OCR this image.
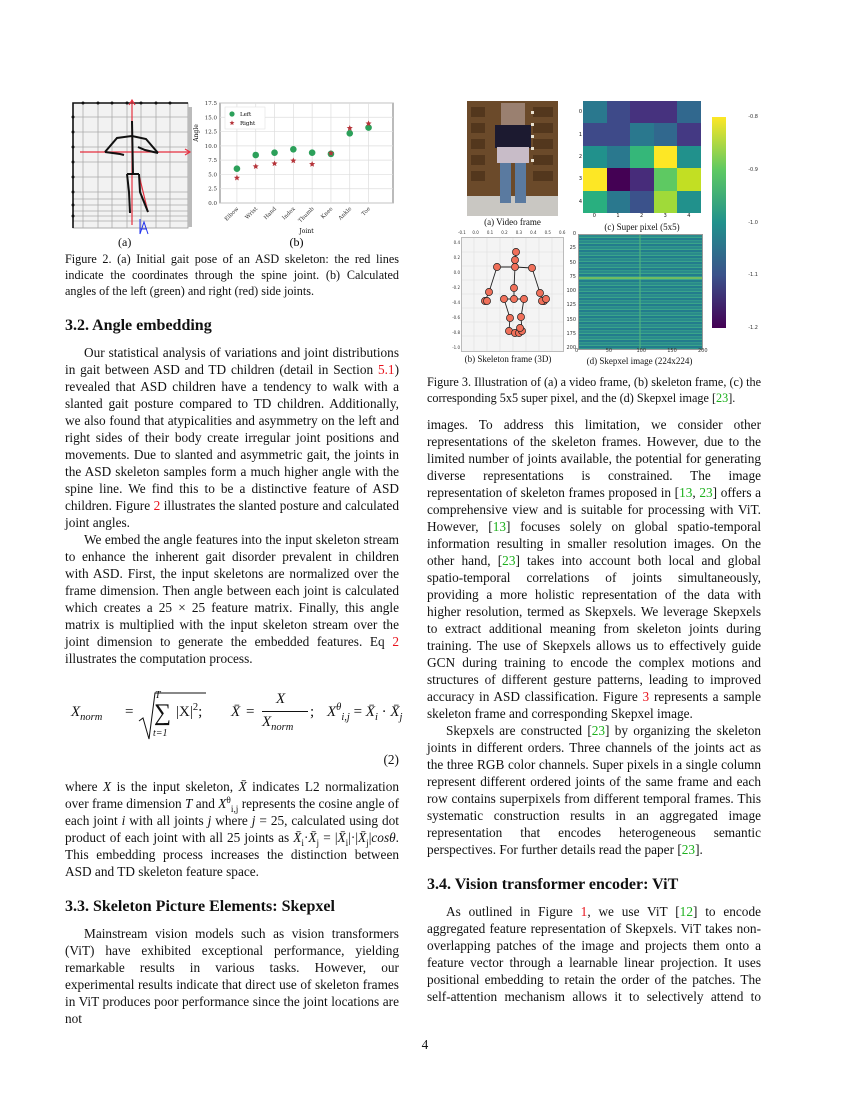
(a)
0.0
2.5
5.0
7.5
10.0
12.5
15.0
17.5
Elbow Wrist Hand Index Thumb Knee Ankle Toe
Left
Right
Joint
Angle
(b)
Figure 2. (a) Initial gait pose of an ASD skeleton: the red lines indicate the coordinates through the spine joint. (b) Calculated angles of the left (green) and right (red) side joints.
3.2. Angle embedding

Our statistical analysis of variations and joint distributions in gait between ASD and TD children (detail in Section 5.1) revealed that ASD children have a tendency to walk with a slanted gait posture compared to TD children. Additionally, we also found that atypicalities and asymmetry on the left and right sides of their body create irregular joint positions and movements. Due to slanted and asymmetric gait, the joints in the ASD skeleton samples form a much higher angle with the spine line. We find this to be a distinctive feature of ASD children. Figure 2 illustrates the slanted posture and calculated joint angles.

We embed the angle features into the input skeleton stream to enhance the inherent gait disorder prevalent in children with ASD. First, the input skeletons are normalized over the frame dimension. Then angle between each joint is calculated which creates a 25 × 25 feature matrix. Finally, this angle matrix is multiplied with the input skeleton stream over the joint dimension to generate the embedded features. Eq 2 illustrates the computation process.

$X_{norm}$ =
T
∑
t=1
$|X|^2$; X̄ =
X
$X_{norm}$
; $X^\theta_{i,j}$ = $X̄_i$ · $X̄_j$
(2)

where X is the input skeleton, X̄ indicates L2 normalization over frame dimension T and $X^\theta_{i,j}$ represents the cosine angle of each joint i with all joints j where j = 25, calculated using dot product of each joint with all 25 joints as $X̄_i\cdot X̄_j$ = $|X̄_i|\cdot|X̄_j|\cos\theta$. This embedding process increases the distinction between ASD and TD skeleton feature space.

3.3. Skeleton Picture Elements: Skepxel

Mainstream vision models such as vision transformers (ViT) have exhibited exceptional performance, yielding remarkable results in various tasks. However, our experimental results indicate that direct use of skeleton frames in ViT produces poor performance since the joint locations are not

(a) Video frame
0
1
2
3
4
0	1	2	3	4
(c) Super pixel (5x5)
-0.8
-0.9
-1.0
-1.1
-1.2
-0.1 0.0 0.1 0.2 0.3 0.4 0.5 0.6
0.4
0.2
0.0
-0.2
-0.4
-0.6
-0.8
-1.0
(b) Skeleton frame (3D)
0
25
50
75
100
125
150
175
200 0	50	100	150	200
(d) Skepxel image (224x224)
Figure 3. Illustration of (a) a video frame, (b) skeleton frame, (c) the corresponding 5x5 super pixel, and the (d) Skepxel image [23].

images. To address this limitation, we consider other representations of the skeleton frames. However, due to the limited number of joints available, the potential for generating diverse representations is constrained. The image representation of skeleton frames proposed in [13, 23] offers a comprehensive view and is suitable for processing with ViT. However, [13] focuses solely on global spatio-temporal information resulting in smaller resolution images. On the other hand, [23] takes into account both local and global spatio-temporal correlations of joints simultaneously, providing a more holistic representation of the data with higher resolution, termed as Skepxels. We leverage Skepxels to extract additional meaning from skeleton joints during training. The use of Skepxels allows us to effectively guide GCN during training to encode the complex motions and structures of different gesture patterns, leading to improved accuracy in ASD classification. Figure 3 represents a sample skeleton frame and corresponding Skepxel image.

Skepxels are constructed [23] by organizing the skeleton joints in different orders. Three channels of the joints act as the three RGB color channels. Super pixels in a single column represent different ordered joints of the same frame and each row contains superpixels from different temporal frames. This systematic construction results in an aggregated image representation that encodes heterogeneous semantic perspectives. For further details read the paper [23].

3.4. Vision transformer encoder: ViT

As outlined in Figure 1, we use ViT [12] to encode aggregated feature representation of Skepxels. ViT takes non-overlapping patches of the image and projects them onto a feature vector through a learnable linear projection. It uses positional embedding to retain the order of the patches. The self-attention mechanism allows it to selectively attend to

4
